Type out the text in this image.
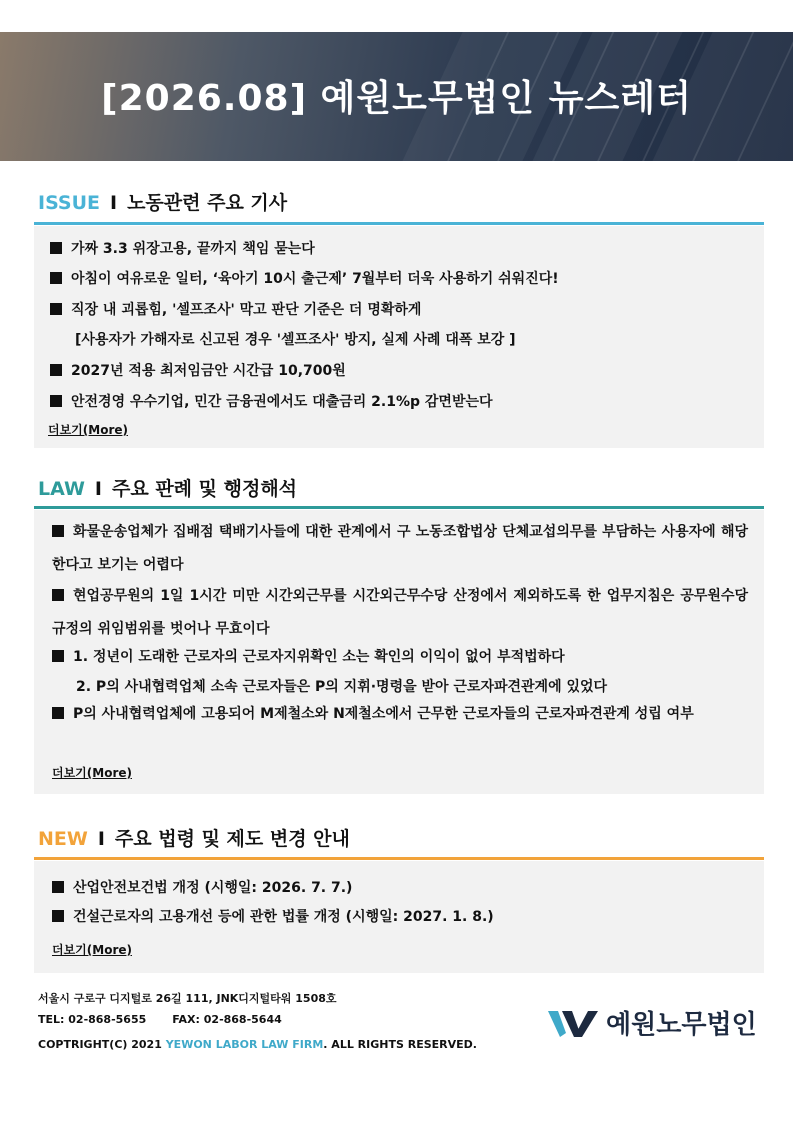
[2026.08] 예원노무법인 뉴스레터
ISSUE I 노동관련 주요 기사
가짜 3.3 위장고용, 끝까지 책임 묻는다
아침이 여유로운 일터, ‘육아기 10시 출근제’ 7월부터 더욱 사용하기 쉬워진다!
직장 내 괴롭힘, '셀프조사' 막고 판단 기준은 더 명확하게
[사용자가 가해자로 신고된 경우 '셀프조사' 방지, 실제 사례 대폭 보강 ]
2027년 적용 최저임금안 시간급 10,700원
안전경영 우수기업, 민간 금융권에서도 대출금리 2.1%p 감면받는다
더보기(More)
LAW I 주요 판례 및 행정해석
화물운송업체가 집배점 택배기사들에 대한 관계에서 구 노동조합법상 단체교섭의무를 부담하는 사용자에 해당한다고 보기는 어렵다
현업공무원의 1일 1시간 미만 시간외근무를 시간외근무수당 산정에서 제외하도록 한 업무지침은 공무원수당규정의 위임범위를 벗어나 무효이다
1. 정년이 도래한 근로자의 근로자지위확인 소는 확인의 이익이 없어 부적법하다
2. P의 사내협력업체 소속 근로자들은 P의 지휘·명령을 받아 근로자파견관계에 있었다
P의 사내협력업체에 고용되어 M제철소와 N제철소에서 근무한 근로자들의 근로자파견관계 성립 여부
더보기(More)
NEW I 주요 법령 및 제도 변경 안내
산업안전보건법 개정 (시행일: 2026. 7. 7.)
건설근로자의 고용개선 등에 관한 법률 개정 (시행일: 2027. 1. 8.)
더보기(More)
서울시 구로구 디지털로 26길 111, JNK디지털타워 1508호
TEL: 02-868-5655 FAX: 02-868-5644
COPTRIGHT(C) 2021 YEWON LABOR LAW FIRM. ALL RIGHTS RESERVED.
예원노무법인
